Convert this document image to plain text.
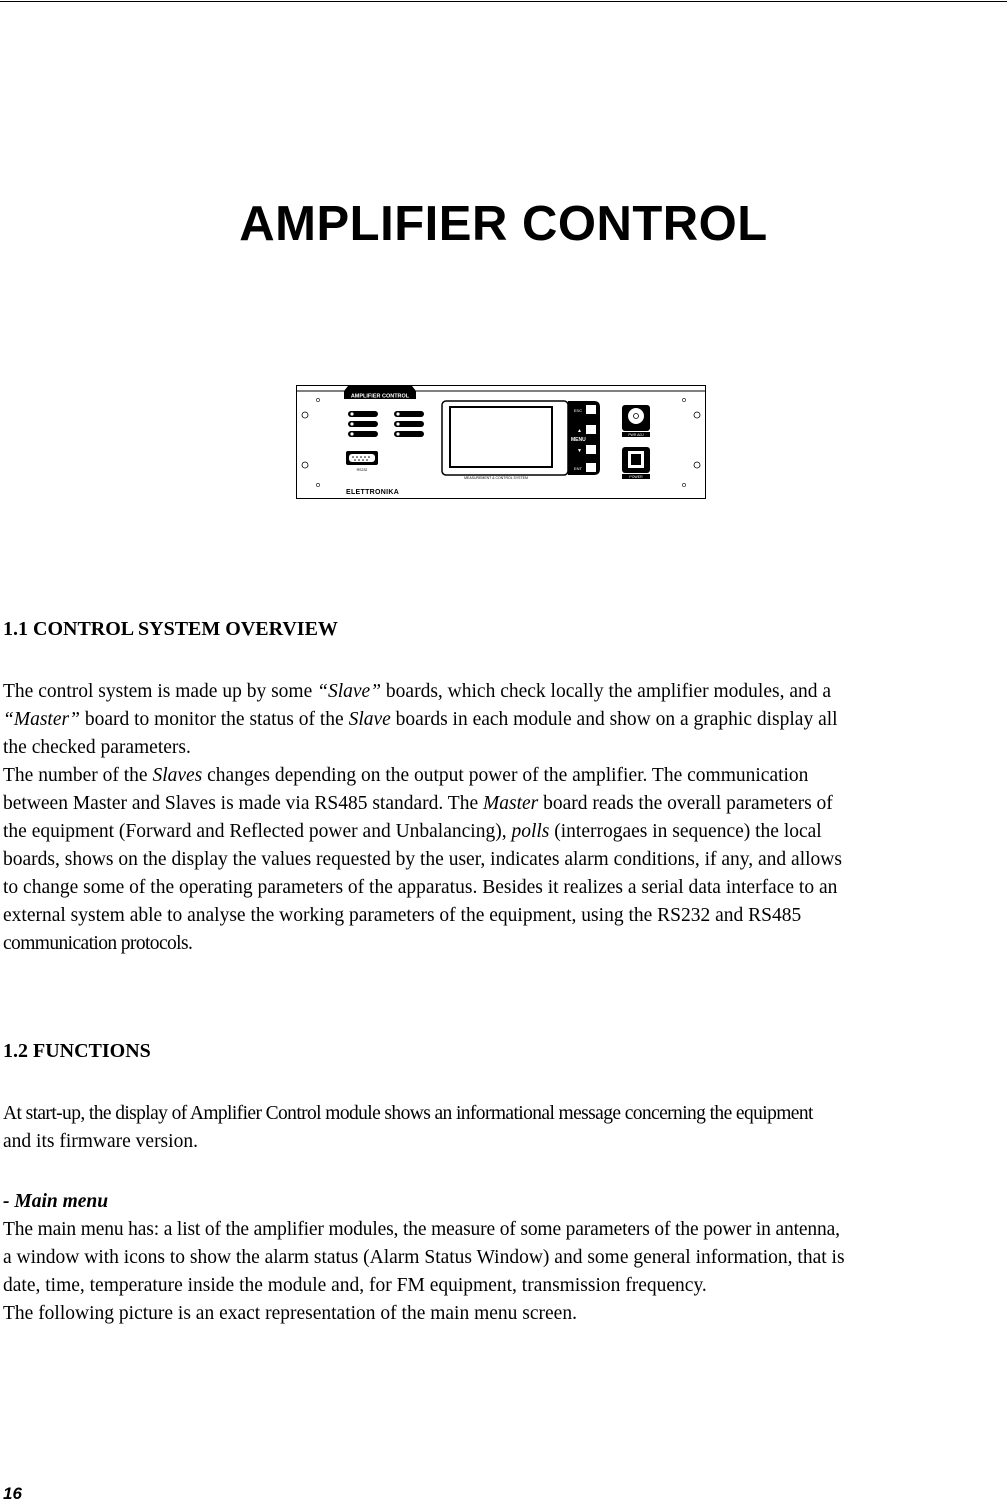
AMPLIFIER CONTROL
AMPLIFIER CONTROL
RS232
ELETTRONIKA
MEASUREMENT & CONTROL SYSTEM
MENU
ESC
▲
▼
ENT
PWR ADJ
POWER
1.1 CONTROL SYSTEM OVERVIEW

The control system is made up by some “Slave” boards, which check locally the amplifier modules, and a

“Master” board to monitor the status of the Slave boards in each module and show on a graphic display all

the checked parameters.

The number of the Slaves changes depending on the output power of the amplifier. The communication

between Master and Slaves is made via RS485 standard. The Master board reads the overall parameters of

the equipment (Forward and Reflected power and Unbalancing), polls (interrogaes in sequence) the local

boards, shows on the display the values requested by the user, indicates alarm conditions, if any, and allows

to change some of the operating parameters of the apparatus. Besides it realizes a serial data interface to an

external system able to analyse the working parameters of the equipment, using the RS232 and RS485

communication protocols.

1.2 FUNCTIONS

At start-up, the display of Amplifier Control module shows an informational message concerning the equipment

and its firmware version.

- Main menu

The main menu has: a list of the amplifier modules, the measure of some parameters of the power in antenna,

a window with icons to show the alarm status (Alarm Status Window) and some general information, that is

date, time, temperature inside the module and, for FM equipment, transmission frequency.

The following picture is an exact representation of the main menu screen.

16
